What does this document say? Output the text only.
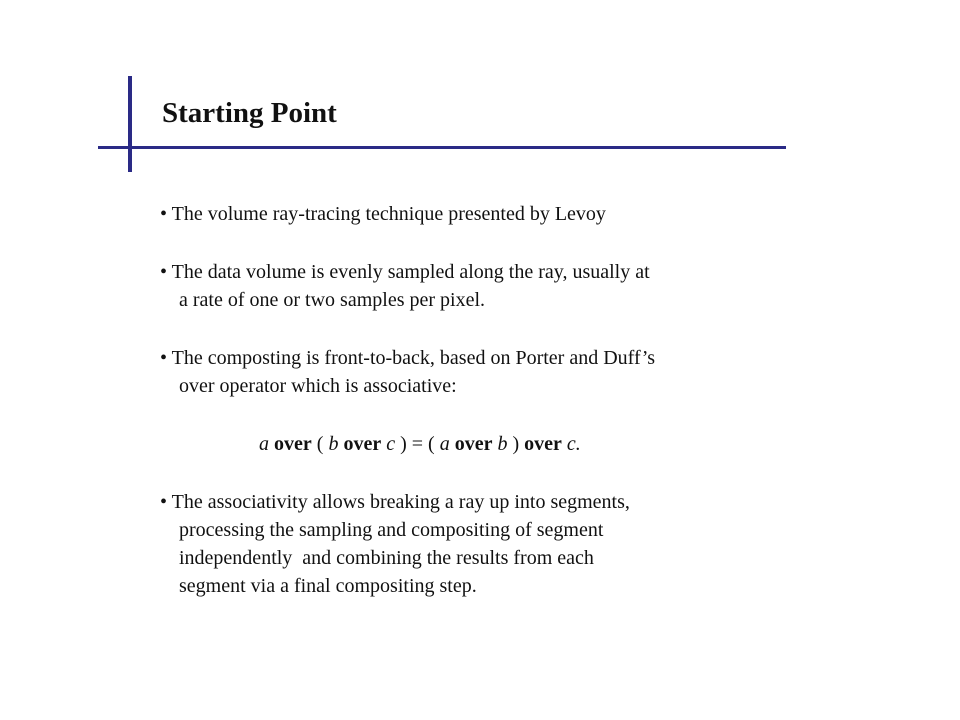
Starting Point
• The volume ray-tracing technique presented by Levoy
• The data volume is evenly sampled along the ray, usually at
a rate of one or two samples per pixel.
• The composting is front-to-back, based on Porter and Duff’s
over operator which is associative:
a over ( b over c ) = ( a over b ) over c.
• The associativity allows breaking a ray up into segments,
processing the sampling and compositing of segment
independently  and combining the results from each
segment via a final compositing step.
